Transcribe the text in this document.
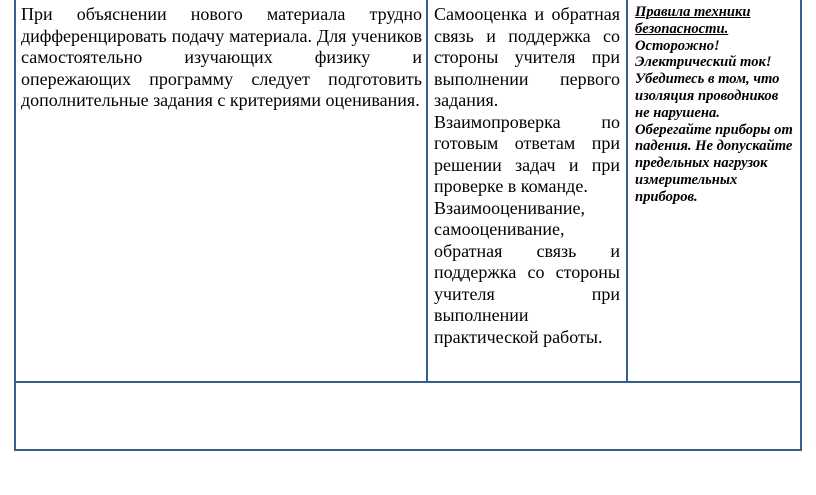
При объяснении нового материала трудно дифференцировать подачу материала. Для учеников самостоятельно изучающих физику и опережающих программу следует подготовить дополнительные задания с критериями оценивания.

Самооценка и обратная связь и поддержка со стороны учителя при выполнении первого задания.

Взаимопроверка по готовым ответам при решении задач и при проверке в команде.

Взаимооценивание, самооценивание, обратная связь и поддержка со стороны учителя при выполнении практической работы.

Правила техники безопасности. Осторожно! Электрический ток! Убедитесь в том, что изоляция проводников не нарушена. Оберегайте приборы от падения. Не допускайте предельных нагрузок измерительных приборов.
